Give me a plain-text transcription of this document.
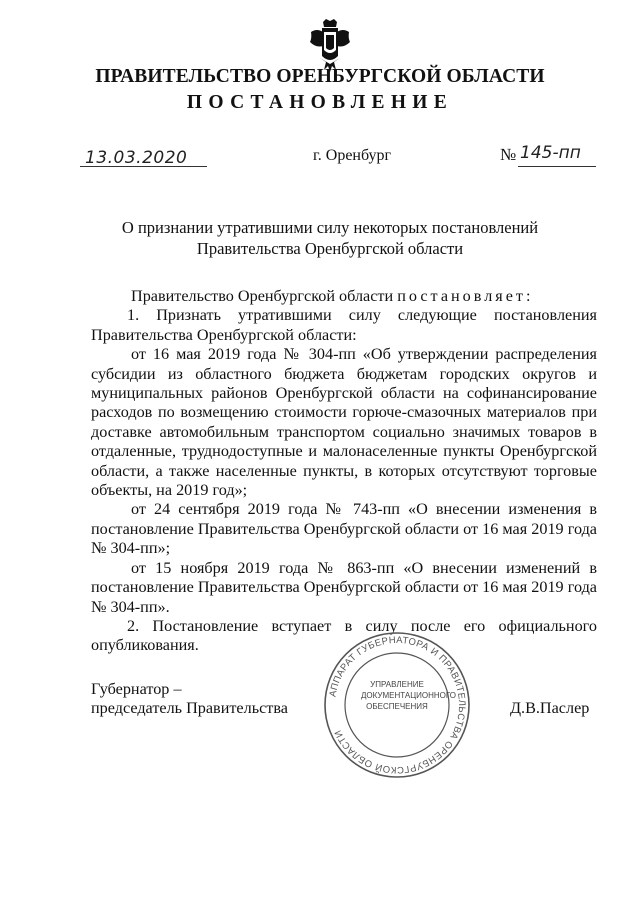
ПРАВИТЕЛЬСТВО ОРЕНБУРГСКОЙ ОБЛАСТИ
ПОСТАНОВЛЕНИЕ
13.03.2020	г. Оренбург	№ 145-пп
О признании утратившими силу некоторых постановлений
Правительства Оренбургской области

Правительство Оренбургской области постановляет:

1. Признать утратившими силу следующие постановления Правительства Оренбургской области:

от 16 мая 2019 года № 304-пп «Об утверждении распределения субсидии из областного бюджета бюджетам городских округов и муниципальных районов Оренбургской области на софинансирование расходов по возмещению стоимости горюче-смазочных материалов при доставке автомобильным транспортом социально значимых товаров в отдаленные, труднодоступные и малонаселенные пункты Оренбургской области, а также населенные пункты, в которых отсутствуют торговые объекты, на 2019 год»;

от 24 сентября 2019 года № 743-пп «О внесении изменения в постановление Правительства Оренбургской области от 16 мая 2019 года № 304-пп»;

от 15 ноября 2019 года № 863-пп «О внесении изменений в постановление Правительства Оренбургской области от 16 мая 2019 года № 304-пп».

2. Постановление вступает в силу после его официального опубликования.

Губернатор –
председатель Правительства	Д.В.Паслер
АППАРАТ ГУБЕРНАТОРА И ПРАВИТЕЛЬСТВА ОРЕНБУРГСКОЙ ОБЛАСТИ
УПРАВЛЕНИЕ
ДОКУМЕНТАЦИОННОГО
ОБЕСПЕЧЕНИЯ
